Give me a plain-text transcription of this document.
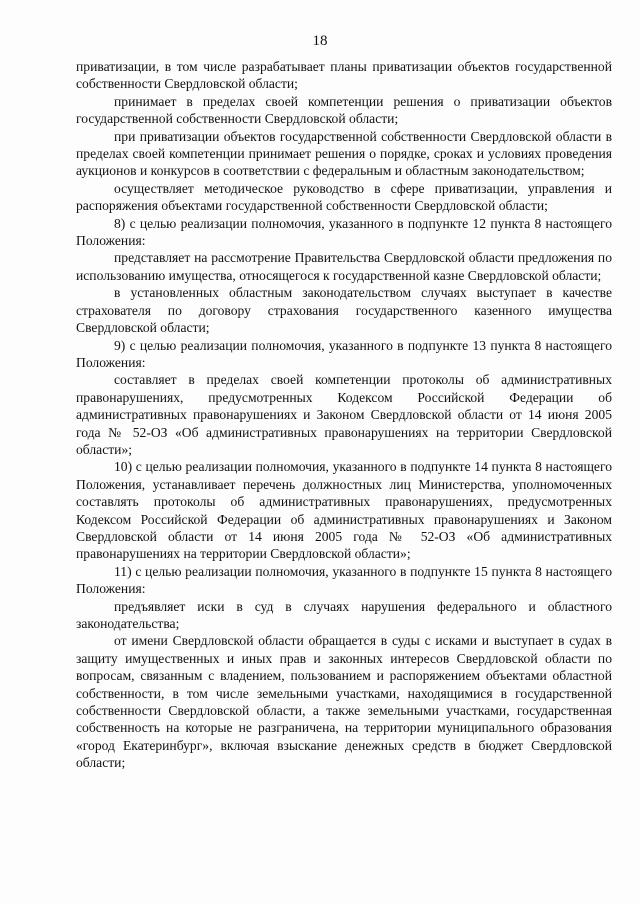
18

приватизации, в том числе разрабатывает планы приватизации объектов государственной собственности Свердловской области;

принимает в пределах своей компетенции решения о приватизации объектов государственной собственности Свердловской области;

при приватизации объектов государственной собственности Свердловской области в пределах своей компетенции принимает решения о порядке, сроках и условиях проведения аукционов и конкурсов в соответствии с федеральным и областным законодательством;

осуществляет методическое руководство в сфере приватизации, управления и распоряжения объектами государственной собственности Свердловской области;

8) с целью реализации полномочия, указанного в подпункте 12 пункта 8 настоящего Положения:

представляет на рассмотрение Правительства Свердловской области предложения по использованию имущества, относящегося к государственной казне Свердловской области;

в установленных областным законодательством случаях выступает в качестве страхователя по договору страхования государственного казенного имущества Свердловской области;

9) с целью реализации полномочия, указанного в подпункте 13 пункта 8 настоящего Положения:

составляет в пределах своей компетенции протоколы об административных правонарушениях, предусмотренных Кодексом Российской Федерации об административных правонарушениях и Законом Свердловской области от 14 июня 2005 года № 52-ОЗ «Об административных правонарушениях на территории Свердловской области»;

10) с целью реализации полномочия, указанного в подпункте 14 пункта 8 настоящего Положения, устанавливает перечень должностных лиц Министерства, уполномоченных составлять протоколы об административных правонарушениях, предусмотренных Кодексом Российской Федерации об административных правонарушениях и Законом Свердловской области от 14 июня 2005 года № 52-ОЗ «Об административных правонарушениях на территории Свердловской области»;

11) с целью реализации полномочия, указанного в подпункте 15 пункта 8 настоящего Положения:

предъявляет иски в суд в случаях нарушения федерального и областного законодательства;

от имени Свердловской области обращается в суды с исками и выступает в судах в защиту имущественных и иных прав и законных интересов Свердловской области по вопросам, связанным с владением, пользованием и распоряжением объектами областной собственности, в том числе земельными участками, находящимися в государственной собственности Свердловской области, а также земельными участками, государственная собственность на которые не разграничена, на территории муниципального образования «город Екатеринбург», включая взыскание денежных средств в бюджет Свердловской области;
